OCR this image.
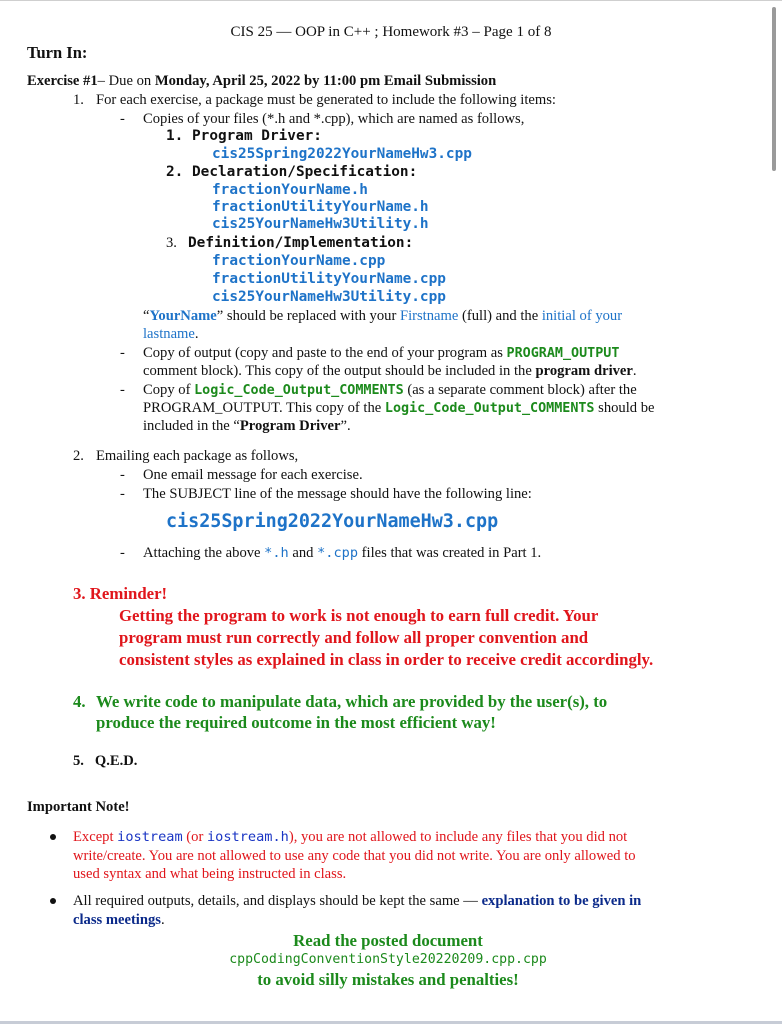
CIS 25 — OOP in C++ ; Homework #3 – Page 1 of 8
Turn In:
Exercise #1– Due on Monday, April 25, 2022 by 11:00 pm Email Submission
1. For each exercise, a package must be generated to include the following items:
- Copies of your files (*.h and *.cpp), which are named as follows,
1. Program Driver:
cis25Spring2022YourNameHw3.cpp
2. Declaration/Specification:
fractionYourName.h
fractionUtilityYourName.h
cis25YourNameHw3Utility.h
3. Definition/Implementation:
fractionYourName.cpp
fractionUtilityYourName.cpp
cis25YourNameHw3Utility.cpp
“YourName” should be replaced with your Firstname (full) and the initial of your
lastname.
- Copy of output (copy and paste to the end of your program as PROGRAM_OUTPUT
comment block). This copy of the output should be included in the program driver.
- Copy of Logic_Code_Output_COMMENTS (as a separate comment block) after the
PROGRAM_OUTPUT. This copy of the Logic_Code_Output_COMMENTS should be
included in the “Program Driver”.
2. Emailing each package as follows,
- One email message for each exercise.
- The SUBJECT line of the message should have the following line:
cis25Spring2022YourNameHw3.cpp
- Attaching the above *.h and *.cpp files that was created in Part 1.
3. Reminder!
Getting the program to work is not enough to earn full credit. Your
program must run correctly and follow all proper convention and
consistent styles as explained in class in order to receive credit accordingly.
4. We write code to manipulate data, which are provided by the user(s), to
produce the required outcome in the most efficient way!
5.   Q.E.D.
Important Note!
Except iostream (or iostream.h), you are not allowed to include any files that you did not
write/create. You are not allowed to use any code that you did not write. You are only allowed to
used syntax and what being instructed in class.
All required outputs, details, and displays should be kept the same — explanation to be given in
class meetings.
Read the posted document
cppCodingConventionStyle20220209.cpp.cpp
to avoid silly mistakes and penalties!
